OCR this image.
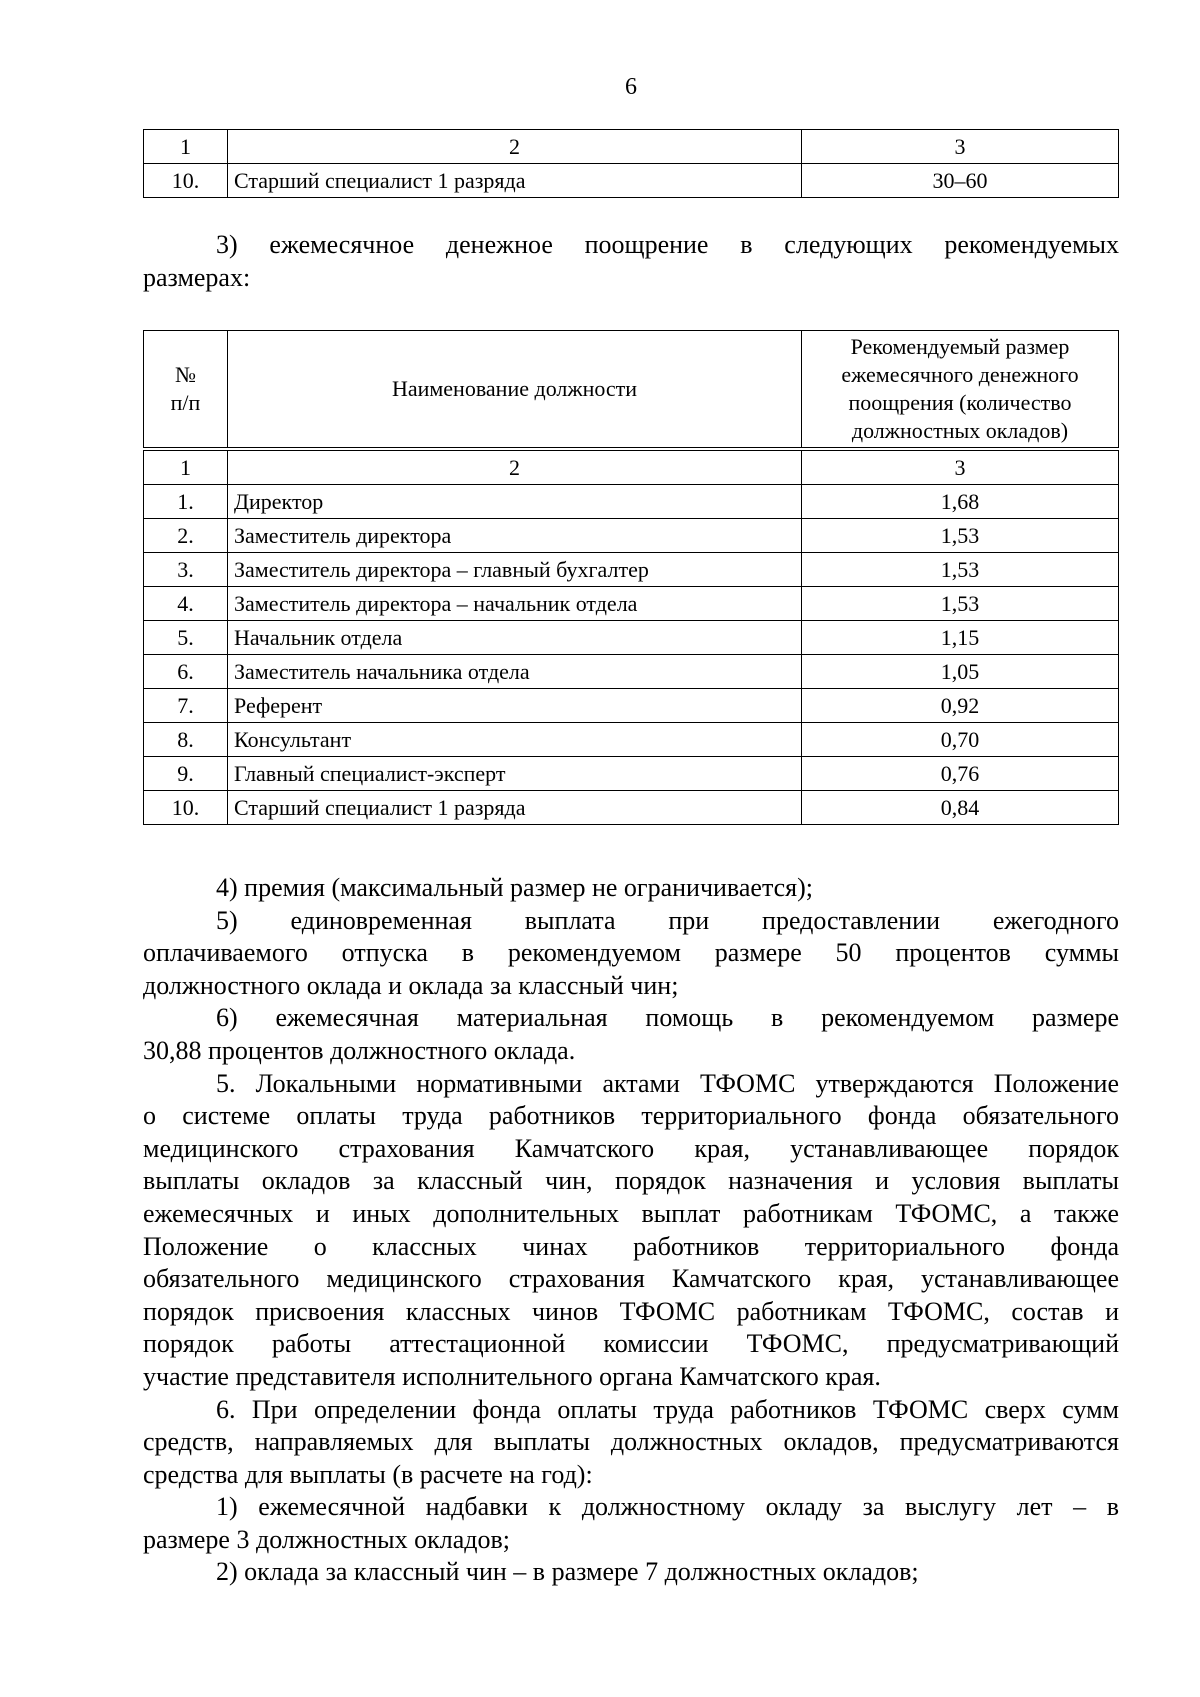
6
1	2	3
10.	Старший специалист 1 разряда	30–60
3) ежемесячное денежное поощрение в следующих рекомендуемых
размерах:
№
п/п	Наименование должности	Рекомендуемый размер ежемесячного денежного поощрения (количество должностных окладов)
1	2	3
1.	Директор	1,68
2.	Заместитель директора	1,53
3.	Заместитель директора – главный бухгалтер	1,53
4.	Заместитель директора – начальник отдела	1,53
5.	Начальник отдела	1,15
6.	Заместитель начальника отдела	1,05
7.	Референт	0,92
8.	Консультант	0,70
9.	Главный специалист-эксперт	0,76
10.	Старший специалист 1 разряда	0,84
4) премия (максимальный размер не ограничивается);
5) единовременная выплата при предоставлении ежегодного
оплачиваемого отпуска в рекомендуемом размере 50 процентов суммы
должностного оклада и оклада за классный чин;
6) ежемесячная материальная помощь в рекомендуемом размере
30,88 процентов должностного оклада.
5. Локальными нормативными актами ТФОМС утверждаются Положение
о системе оплаты труда работников территориального фонда обязательного
медицинского страхования Камчатского края, устанавливающее порядок
выплаты окладов за классный чин, порядок назначения и условия выплаты
ежемесячных и иных дополнительных выплат работникам ТФОМС, а также
Положение о классных чинах работников территориального фонда
обязательного медицинского страхования Камчатского края, устанавливающее
порядок присвоения классных чинов ТФОМС работникам ТФОМС, состав и
порядок работы аттестационной комиссии ТФОМС, предусматривающий
участие представителя исполнительного органа Камчатского края.
6. При определении фонда оплаты труда работников ТФОМС сверх сумм
средств, направляемых для выплаты должностных окладов, предусматриваются
средства для выплаты (в расчете на год):
1) ежемесячной надбавки к должностному окладу за выслугу лет – в
размере 3 должностных окладов;
2) оклада за классный чин – в размере 7 должностных окладов;
